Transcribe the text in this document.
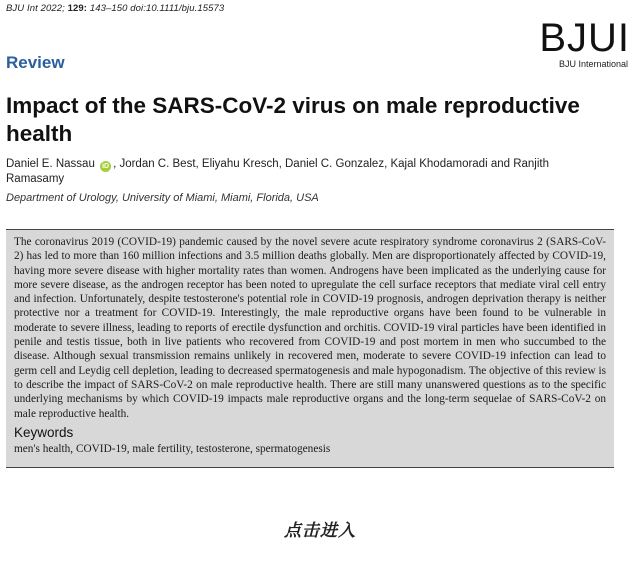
BJU Int 2022; 129: 143–150 doi:10.1111/bju.15573
BJUI
BJU International
Review
Impact of the SARS-CoV-2 virus on male reproductive health
Daniel E. Nassau iD , Jordan C. Best, Eliyahu Kresch, Daniel C. Gonzalez, Kajal Khodamoradi and Ranjith Ramasamy
Department of Urology, University of Miami, Miami, Florida, USA
The coronavirus 2019 (COVID-19) pandemic caused by the novel severe acute respiratory syndrome coronavirus 2 (SARS-CoV-2) has led to more than 160 million infections and 3.5 million deaths globally. Men are disproportionately affected by COVID-19, having more severe disease with higher mortality rates than women. Androgens have been implicated as the underlying cause for more severe disease, as the androgen receptor has been noted to upregulate the cell surface receptors that mediate viral cell entry and infection. Unfortunately, despite testosterone's potential role in COVID-19 prognosis, androgen deprivation therapy is neither protective nor a treatment for COVID-19. Interestingly, the male reproductive organs have been found to be vulnerable in moderate to severe illness, leading to reports of erectile dysfunction and orchitis. COVID-19 viral particles have been identified in penile and testis tissue, both in live patients who recovered from COVID-19 and post mortem in men who succumbed to the disease. Although sexual transmission remains unlikely in recovered men, moderate to severe COVID-19 infection can lead to germ cell and Leydig cell depletion, leading to decreased spermatogenesis and male hypogonadism. The objective of this review is to describe the impact of SARS-CoV-2 on male reproductive health. There are still many unanswered questions as to the specific underlying mechanisms by which COVID-19 impacts male reproductive organs and the long-term sequelae of SARS-CoV-2 on male reproductive health.
Keywords
men's health, COVID-19, male fertility, testosterone, spermatogenesis
点击进入
